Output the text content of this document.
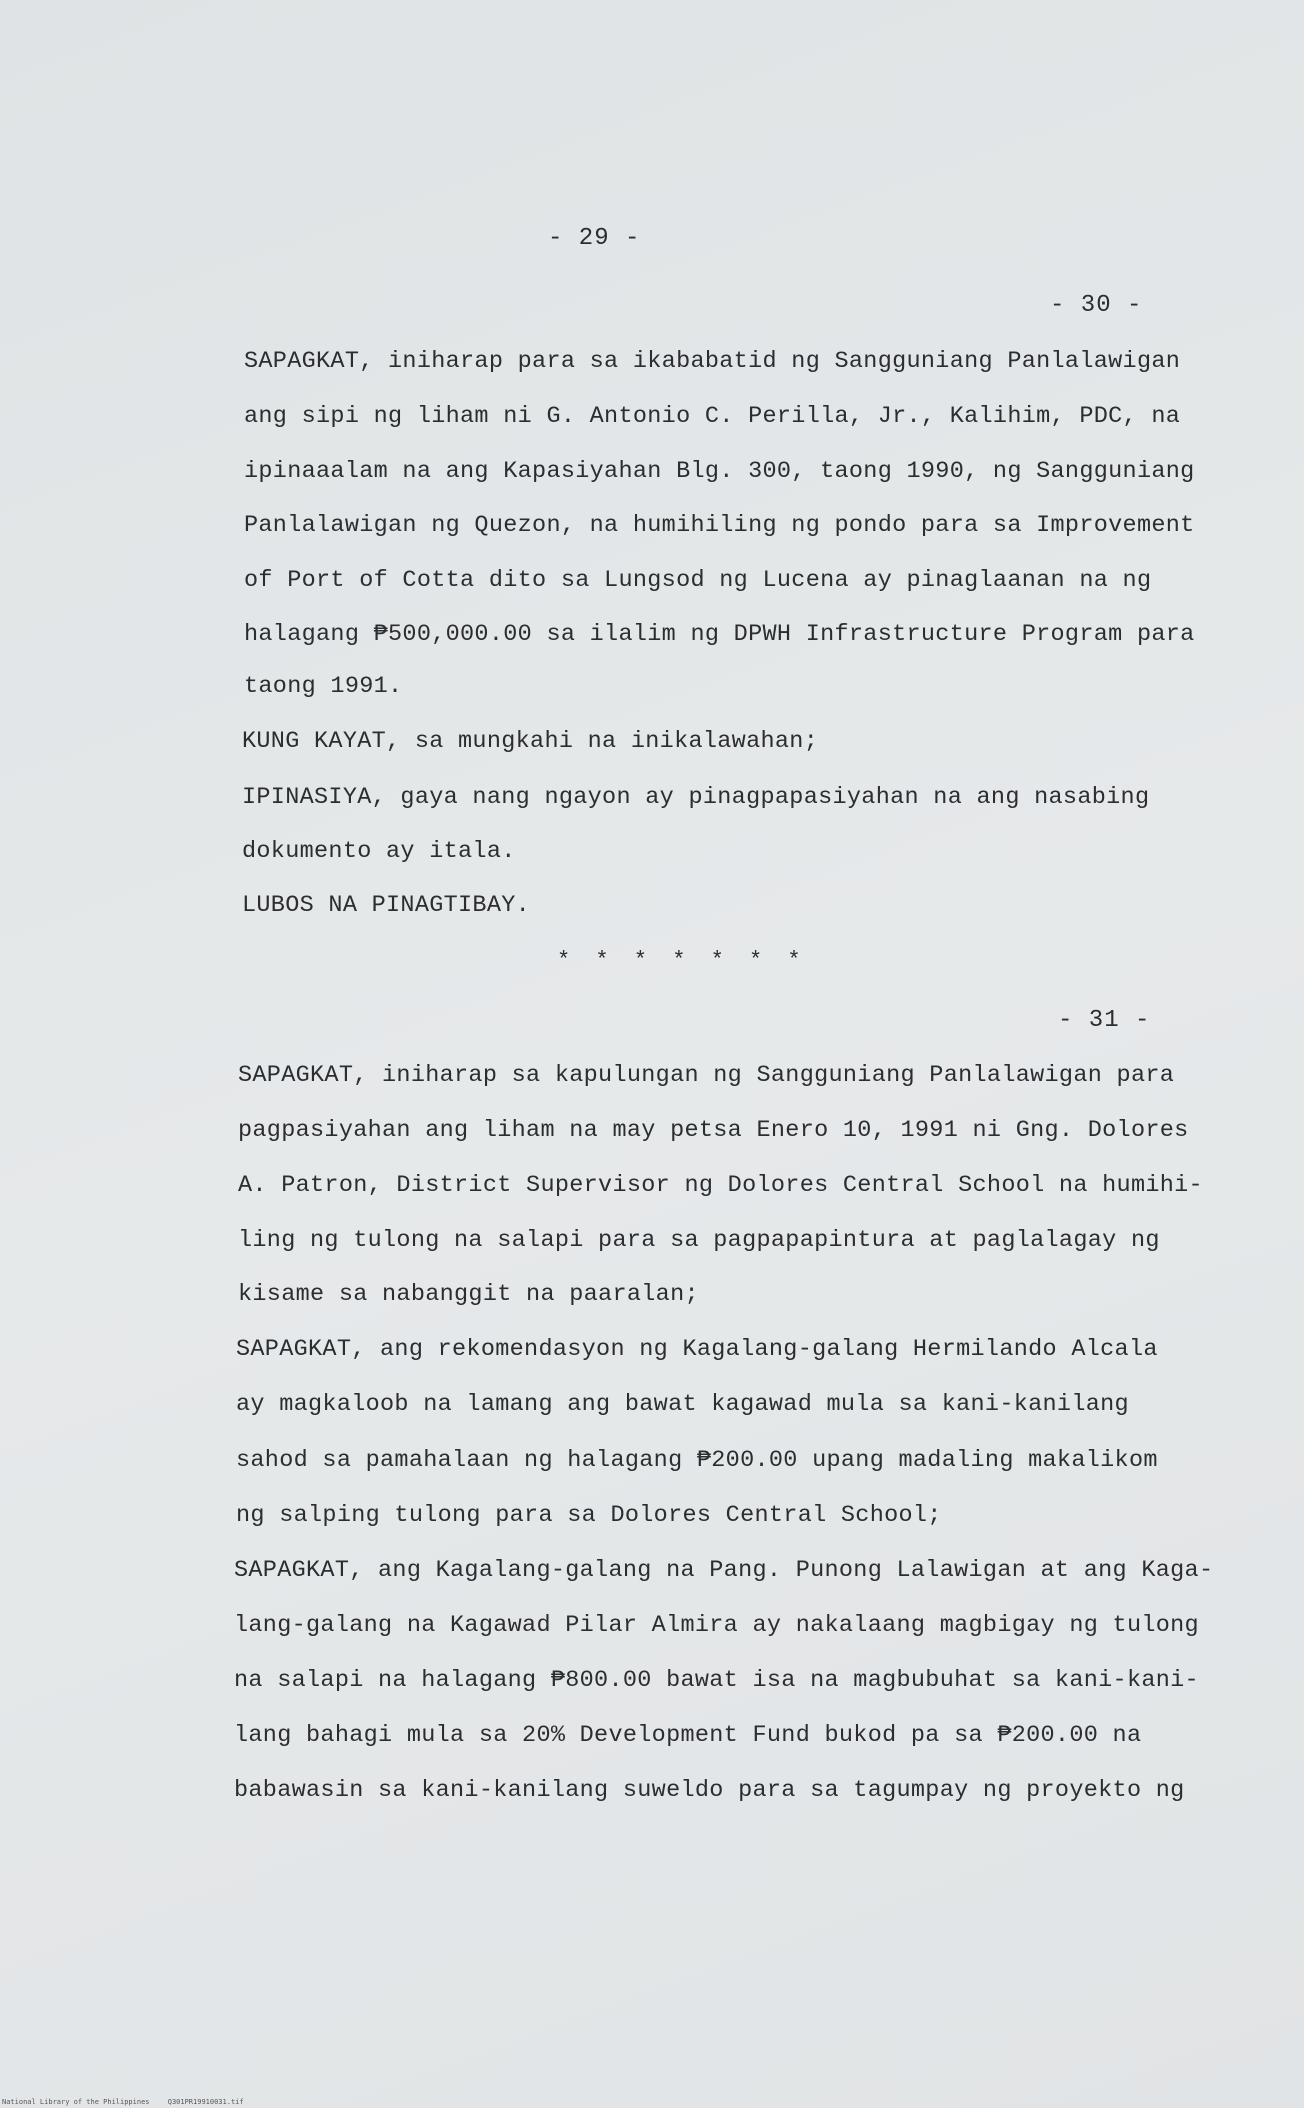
- 29 -
- 30 -
SAPAGKAT, iniharap para sa ikababatid ng Sangguniang Panlalawigan
ang sipi ng liham ni G. Antonio C. Perilla, Jr., Kalihim, PDC, na
ipinaaalam na ang Kapasiyahan Blg. 300, taong 1990, ng Sangguniang
Panlalawigan ng Quezon, na humihiling ng pondo para sa Improvement
of Port of Cotta dito sa Lungsod ng Lucena ay pinaglaanan na ng
halagang ₱500,000.00 sa ilalim ng DPWH Infrastructure Program para
taong 1991.
KUNG KAYAT, sa mungkahi na inikalawahan;
IPINASIYA, gaya nang ngayon ay pinagpapasiyahan na ang nasabing
dokumento ay itala.
LUBOS NA PINAGTIBAY.
* * * * * * *
- 31 -
SAPAGKAT, iniharap sa kapulungan ng Sangguniang Panlalawigan para
pagpasiyahan ang liham na may petsa Enero 10, 1991 ni Gng. Dolores
A. Patron, District Supervisor ng Dolores Central School na humihi-
ling ng tulong na salapi para sa pagpapapintura at paglalagay ng
kisame sa nabanggit na paaralan;
SAPAGKAT, ang rekomendasyon ng Kagalang-galang Hermilando Alcala
ay magkaloob na lamang ang bawat kagawad mula sa kani-kanilang
sahod sa pamahalaan ng halagang ₱200.00 upang madaling makalikom
ng salping tulong para sa Dolores Central School;
SAPAGKAT, ang Kagalang-galang na Pang. Punong Lalawigan at ang Kaga-
lang-galang na Kagawad Pilar Almira ay nakalaang magbigay ng tulong
na salapi na halagang ₱800.00 bawat isa na magbubuhat sa kani-kani-
lang bahagi mula sa 20% Development Fund bukod pa sa ₱200.00 na
babawasin sa kani-kanilang suweldo para sa tagumpay ng proyekto ng
National Library of the Philippines	Q301PR19910031.tif
